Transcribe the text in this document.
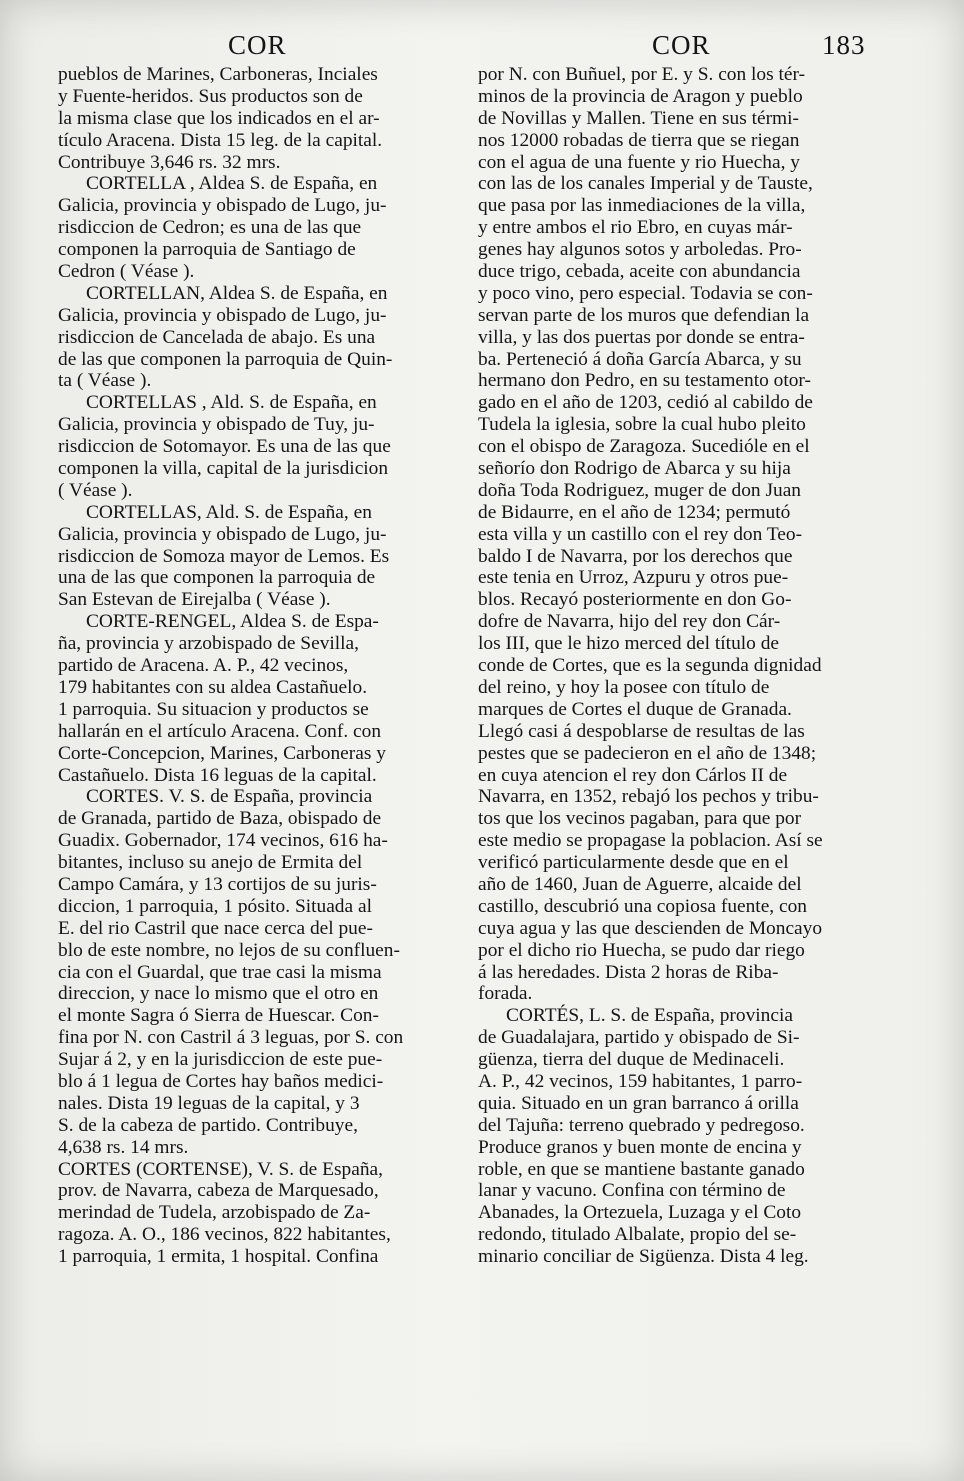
COR	COR	183
pueblos de Marines, Carboneras, Inciales
y Fuente-heridos. Sus productos son de
la misma clase que los indicados en el ar-
tículo Aracena. Dista 15 leg. de la capital.
Contribuye 3,646 rs. 32 mrs.
CORTELLA , Aldea S. de España, en
Galicia, provincia y obispado de Lugo, ju-
risdiccion de Cedron; es una de las que
componen la parroquia de Santiago de
Cedron ( Véase ).
CORTELLAN, Aldea S. de España, en
Galicia, provincia y obispado de Lugo, ju-
risdiccion de Cancelada de abajo. Es una
de las que componen la parroquia de Quin-
ta ( Véase ).
CORTELLAS , Ald. S. de España, en
Galicia, provincia y obispado de Tuy, ju-
risdiccion de Sotomayor. Es una de las que
componen la villa, capital de la jurisdicion
( Véase ).
CORTELLAS, Ald. S. de España, en
Galicia, provincia y obispado de Lugo, ju-
risdiccion de Somoza mayor de Lemos. Es
una de las que componen la parroquia de
San Estevan de Eirejalba ( Véase ).
CORTE-RENGEL, Aldea S. de Espa-
ña, provincia y arzobispado de Sevilla,
partido de Aracena. A. P., 42 vecinos,
179 habitantes con su aldea Castañuelo.
1 parroquia. Su situacion y productos se
hallarán en el artículo Aracena. Conf. con
Corte-Concepcion, Marines, Carboneras y
Castañuelo. Dista 16 leguas de la capital.
CORTES. V. S. de España, provincia
de Granada, partido de Baza, obispado de
Guadix. Gobernador, 174 vecinos, 616 ha-
bitantes, incluso su anejo de Ermita del
Campo Camára, y 13 cortijos de su juris-
diccion, 1 parroquia, 1 pósito. Situada al
E. del rio Castril que nace cerca del pue-
blo de este nombre, no lejos de su confluen-
cia con el Guardal, que trae casi la misma
direccion, y nace lo mismo que el otro en
el monte Sagra ó Sierra de Huescar. Con-
fina por N. con Castril á 3 leguas, por S. con
Sujar á 2, y en la jurisdiccion de este pue-
blo á 1 legua de Cortes hay baños medici-
nales. Dista 19 leguas de la capital, y 3
S. de la cabeza de partido. Contribuye,
4,638 rs. 14 mrs.
CORTES (CORTENSE), V. S. de España,
prov. de Navarra, cabeza de Marquesado,
merindad de Tudela, arzobispado de Za-
ragoza. A. O., 186 vecinos, 822 habitantes,
1 parroquia, 1 ermita, 1 hospital. Confina
por N. con Buñuel, por E. y S. con los tér-
minos de la provincia de Aragon y pueblo
de Novillas y Mallen. Tiene en sus térmi-
nos 12000 robadas de tierra que se riegan
con el agua de una fuente y rio Huecha, y
con las de los canales Imperial y de Tauste,
que pasa por las inmediaciones de la villa,
y entre ambos el rio Ebro, en cuyas már-
genes hay algunos sotos y arboledas. Pro-
duce trigo, cebada, aceite con abundancia
y poco vino, pero especial. Todavia se con-
servan parte de los muros que defendian la
villa, y las dos puertas por donde se entra-
ba. Perteneció á doña García Abarca, y su
hermano don Pedro, en su testamento otor-
gado en el año de 1203, cedió al cabildo de
Tudela la iglesia, sobre la cual hubo pleito
con el obispo de Zaragoza. Sucedióle en el
señorío don Rodrigo de Abarca y su hija
doña Toda Rodriguez, muger de don Juan
de Bidaurre, en el año de 1234; permutó
esta villa y un castillo con el rey don Teo-
baldo I de Navarra, por los derechos que
este tenia en Urroz, Azpuru y otros pue-
blos. Recayó posteriormente en don Go-
dofre de Navarra, hijo del rey don Cár-
los III, que le hizo merced del título de
conde de Cortes, que es la segunda dignidad
del reino, y hoy la posee con título de
marques de Cortes el duque de Granada.
Llegó casi á despoblarse de resultas de las
pestes que se padecieron en el año de 1348;
en cuya atencion el rey don Cárlos II de
Navarra, en 1352, rebajó los pechos y tribu-
tos que los vecinos pagaban, para que por
este medio se propagase la poblacion. Así se
verificó particularmente desde que en el
año de 1460, Juan de Aguerre, alcaide del
castillo, descubrió una copiosa fuente, con
cuya agua y las que descienden de Moncayo
por el dicho rio Huecha, se pudo dar riego
á las heredades. Dista 2 horas de Riba-
forada.
CORTÉS, L. S. de España, provincia
de Guadalajara, partido y obispado de Si-
güenza, tierra del duque de Medinaceli.
A. P., 42 vecinos, 159 habitantes, 1 parro-
quia. Situado en un gran barranco á orilla
del Tajuña: terreno quebrado y pedregoso.
Produce granos y buen monte de encina y
roble, en que se mantiene bastante ganado
lanar y vacuno. Confina con término de
Abanades, la Ortezuela, Luzaga y el Coto
redondo, titulado Albalate, propio del se-
minario conciliar de Sigüenza. Dista 4 leg.
